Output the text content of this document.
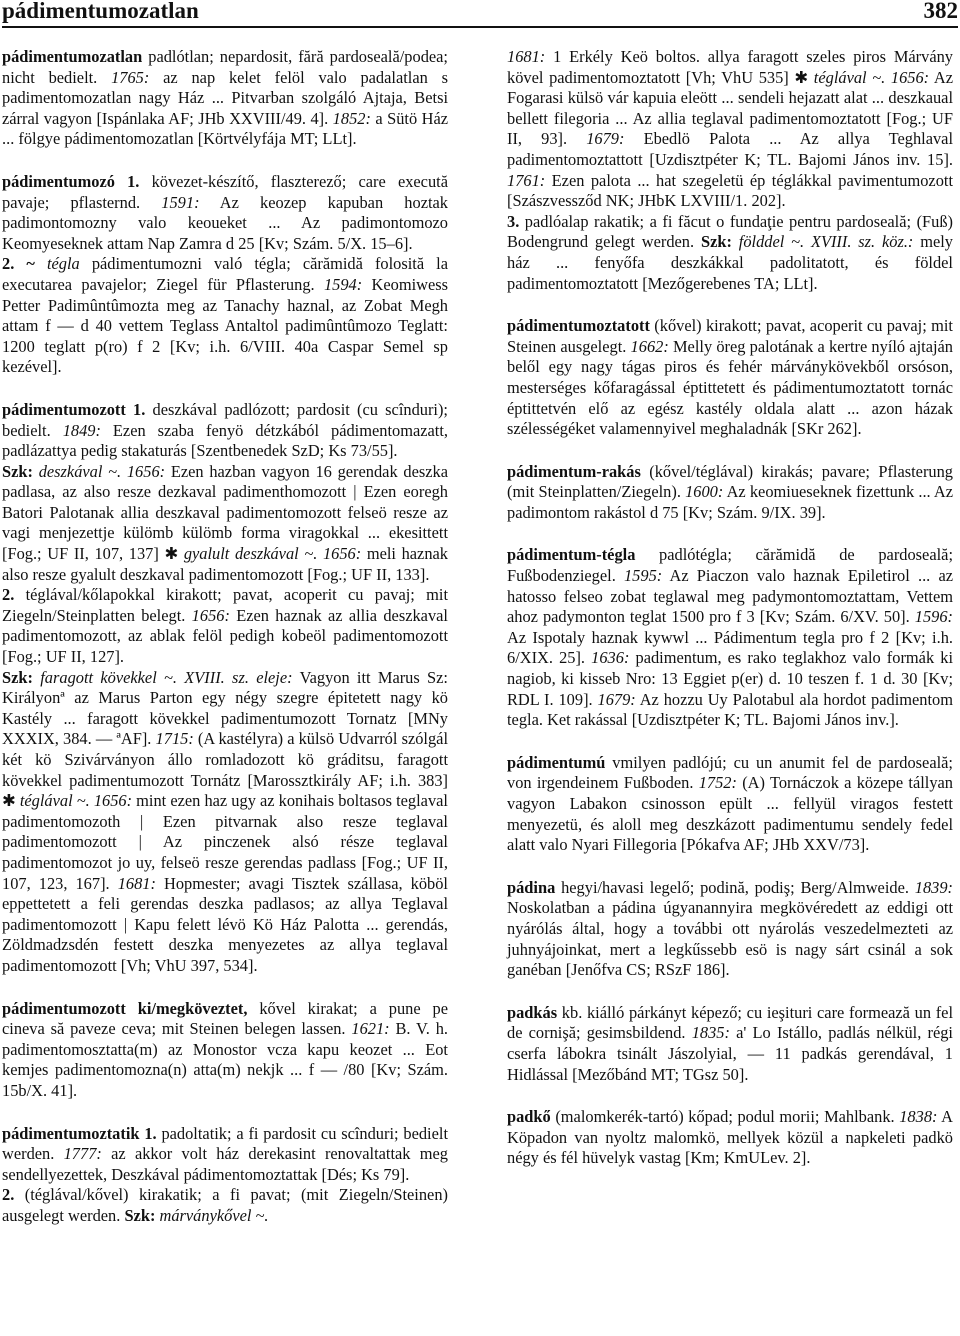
pádimentumozatlan	382

pádimentumozatlan padlótlan; nepardosit, fără pardoseală/podea; nicht bedielt. 1765: az nap kelet felöl valo padalatlan s padimentomozatlan nagy Ház ... Pitvarban szolgáló Ajtaja, Betsi zárral vagyon [Ispánlaka AF; JHb XXVIII/49. 4]. 1852: a Sütö Ház ... fölgye pádimentomozatlan [Körtvélyfája MT; LLt].

pádimentumozó 1. kövezet-készítő, flaszterező; care execută pavaje; pflasternd. 1591: Az keozep kapuban hoztak padimontomozny valo keoueket ... Az padimontomozo Keomyeseknek attam Nap Zamra d 25 [Kv; Szám. 5/X. 15–6].

2. ~ tégla pádimentumozni való tégla; cărămidă folosită la executarea pavajelor; Ziegel für Pflasterung. 1594: Keomiwess Petter Padimûntûmozta meg az Tanachy haznal, az Zobat Megh attam f — d 40 vettem Teglass Antaltol padimûntûmozo Teglatt: 1200 teglatt p(ro) f 2 [Kv; i.h. 6/VIII. 40a Caspar Semel sp kezével].

pádimentumozott 1. deszkával padlózott; pardosit (cu scînduri); bedielt. 1849: Ezen szaba fenyö détzkából pádimentomazatt, padlázattya pedig stakaturás [Szentbenedek SzD; Ks 73/55].

Szk: deszkával ~. 1656: Ezen hazban vagyon 16 gerendak deszka padlasa, az also resze dezkaval padimenthomozott | Ezen eoregh Batori Palotanak allia deszkaval padimentomozott felseö resze az vagi menjezettje külömb külömb forma viragokkal ... ekesittett [Fog.; UF II, 107, 137] ✱ gyalult deszkával ~. 1656: meli haznak also resze gyalult deszkaval padimentomozott [Fog.; UF II, 133].

2. téglával/kőlapokkal kirakott; pavat, acoperit cu pavaj; mit Ziegeln/Steinplatten belegt. 1656: Ezen haznak az allia deszkaval padimentomozott, az ablak felöl pedigh kobeöl padimentomozott [Fog.; UF II, 127].

Szk: faragott kövekkel ~. XVIII. sz. eleje: Vagyon itt Marus Sz: Királyonª az Marus Parton egy négy szegre épitetett nagy kö Kastély ... faragott kövekkel padimentumozott Tornatz [MNy XXXIX, 384. — ªAF]. 1715: (A kastélyra) a külsö Udvarról szólgál két kö Szivárványon állo romladozott kö gráditsu, faragott kövekkel padimentumozott Tornátz [Marossztkirály AF; i.h. 383] ✱ téglával ~. 1656: mint ezen haz ugy az konihais boltasos teglaval padimentomozoth | Ezen pitvarnak also resze teglaval padimentomozott | Az pinczenek alsó része teglaval padimentomozot jo uy, felseö resze gerendas padlass [Fog.; UF II, 107, 123, 167]. 1681: Hopmester; avagi Tisztek szállasa, köböl eppettetett a feli gerendas deszka padlasos; az allya Teglaval padimentomozott | Kapu felett lévö Kö Ház Palotta ... gerendás, Zöldmadzsdén festett deszka menyezetes az allya teglaval padimentomozott [Vh; VhU 397, 534].

pádimentumozott ki/megköveztet, kővel kirakat; a pune pe cineva să paveze ceva; mit Steinen belegen lassen. 1621: B. V. h. padimentomosztatta(m) az Monostor vcza kapu keozet ... Eot kemjes padimentomozna(n) atta(m) nekjk ... f — /80 [Kv; Szám. 15b/X. 41].

pádimentumoztatik 1. padoltatik; a fi pardosit cu scînduri; bedielt werden. 1777: az akkor volt ház derekasint renovaltattak meg sendellyezettek, Deszkával pádimentomoztattak [Dés; Ks 79].

2. (téglával/kővel) kirakatik; a fi pavat; (mit Ziegeln/Steinen) ausgelegt werden. Szk: márványkővel ~.

1681: 1 Erkély Keö boltos. allya faragott szeles piros Márvány kövel padimentomoztatott [Vh; VhU 535] ✱ téglával ~. 1656: Az Fogarasi külsö vár kapuia eleött ... sendeli hejazatt alat ... deszkaual bellett filegoria ... Az allia teglaval padimentomoztatott [Fog.; UF II, 93]. 1679: Ebedlö Palota ... Az allya Teghlaval padimentomoztattott [Uzdisztpéter K; TL. Bajomi János inv. 15]. 1761: Ezen palota ... hat szegeletü ép téglákkal pavimentumozott [Szászvessződ NK; JHbK LXVIII/1. 202].

3. padlóalap rakatik; a fi făcut o fundaţie pentru pardoseală; (Fuß) Bodengrund gelegt werden. Szk: földdel ~. XVIII. sz. köz.: mely ház ... fenyőfa deszkákkal padolitatott, és földel padimentomoztatott [Mezőgerebenes TA; LLt].

pádimentumoztatott (kővel) kirakott; pavat, acoperit cu pavaj; mit Steinen ausgelegt. 1662: Melly öreg palotának a kertre nyíló ajtaján belől egy nagy tágas piros és fehér márványkövekből orsóson, mesterséges kőfaragással éptittetett és pádimentumoztatott tornác éptittetvén elő az egész kastély oldala alatt ... azon házak szélességéket valamennyivel meghaladnák [SKr 262].

pádimentum-rakás (kővel/téglával) kirakás; pavare; Pflasterung (mit Steinplatten/Ziegeln). 1600: Az keomiueseknek fizettunk ... Az padimontom rakástol d 75 [Kv; Szám. 9/IX. 39].

pádimentum-tégla padlótégla; cărămidă de pardoseală; Fußbodenziegel. 1595: Az Piaczon valo haznak Epiletirol ... az hatosso felseo zobat teglawal meg padymontomoztattam, Vettem ahoz padymonton teglat 1500 pro f 3 [Kv; Szám. 6/XV. 50]. 1596: Az Ispotaly haznak kywwl ... Pádimentum tegla pro f 2 [Kv; i.h. 6/XIX. 25]. 1636: padimentum, es rako teglakhoz valo formák ki nagiob, ki kisseb Nro: 13 Eggiet p(er) d. 10 teszen f. 1 d. 30 [Kv; RDL I. 109]. 1679: Az hozzu Uy Palotabul ala hordot padimentom tegla. Ket rakással [Uzdisztpéter K; TL. Bajomi János inv.].

pádimentumú vmilyen padlójú; cu un anumit fel de pardoseală; von irgendeinem Fußboden. 1752: (A) Tornáczok a közepe tállyan vagyon Labakon csinosson epült ... fellyül viragos festett menyezetü, és aloll meg deszkázott padimentumu sendely fedel alatt valo Nyari Fillegoria [Pókafva AF; JHb XXV/73].

pádina hegyi/havasi legelő; podină, podiş; Berg/Almweide. 1839: Noskolatban a pádina úgyanannyira megkövéredett az eddigi ott nyárólás által, hogy a további ott nyárolás veszedelmezteti az juhnyájoinkat, mert a legkűssebb esö is nagy sárt csinál a sok ganéban [Jenőfva CS; RSzF 186].

padkás kb. kiálló párkányt képező; cu ieşituri care formează un fel de cornişă; gesimsbildend. 1835: a' Lo Istállo, padlás nélkül, régi cserfa lábokra tsinált Jászolyial, — 11 padkás gerendával, 1 Hidlással [Mezőbánd MT; TGsz 50].

padkő (malomkerék-tartó) kőpad; podul morii; Mahlbank. 1838: A Köpadon van nyoltz malomkö, mellyek közül a napkeleti padkö négy és fél hüvelyk vastag [Km; KmULev. 2].
